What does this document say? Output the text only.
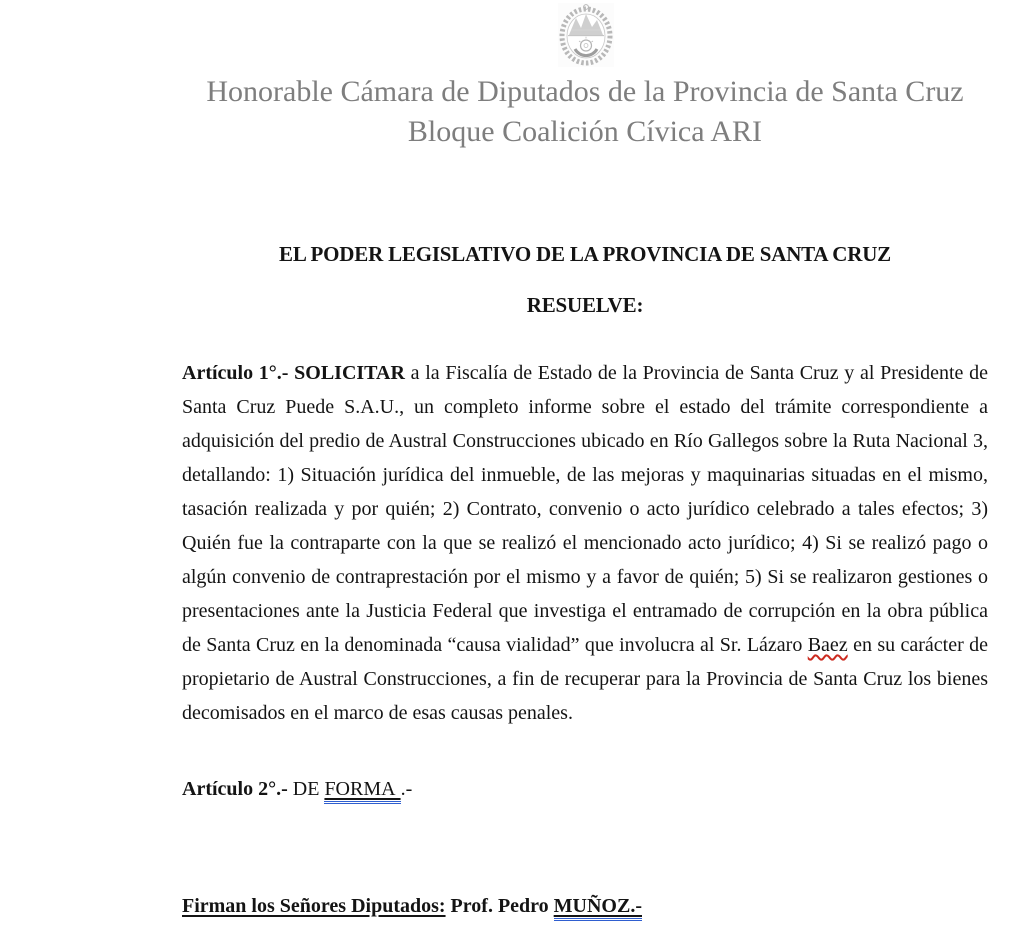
Honorable Cámara de Diputados de la Provincia de Santa Cruz
Bloque Coalición Cívica ARI
EL PODER LEGISLATIVO DE LA PROVINCIA DE SANTA CRUZ
RESUELVE:

Artículo 1°.- SOLICITAR a la Fiscalía de Estado de la Provincia de Santa Cruz y al Presidente de Santa Cruz Puede S.A.U., un completo informe sobre el estado del trámite correspondiente a adquisición del predio de Austral Construcciones ubicado en Río Gallegos sobre la Ruta Nacional 3, detallando: 1) Situación jurídica del inmueble, de las mejoras y maquinarias situadas en el mismo, tasación realizada y por quién; 2) Contrato, convenio o acto jurídico celebrado a tales efectos; 3) Quién fue la contraparte con la que se realizó el mencionado acto jurídico; 4) Si se realizó pago o algún convenio de contraprestación por el mismo y a favor de quién; 5) Si se realizaron gestiones o presentaciones ante la Justicia Federal que investiga el entramado de corrupción en la obra pública de Santa Cruz en la denominada “causa vialidad” que involucra al Sr. Lázaro Baez en su carácter de propietario de Austral Construcciones, a fin de recuperar para la Provincia de Santa Cruz los bienes decomisados en el marco de esas causas penales.

Artículo 2°.- DE FORMA .-

Firman los Señores Diputados: Prof. Pedro MUÑOZ.-
